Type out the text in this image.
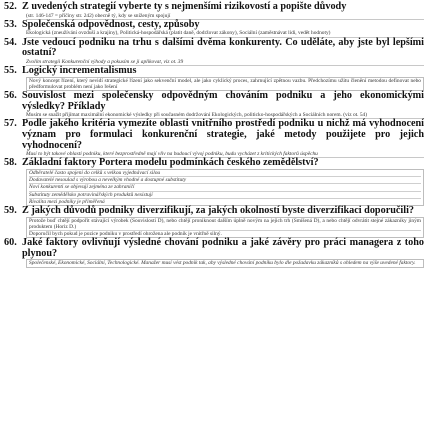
52. Z uvedených strategií vyberte ty s nejmenšími rizikovostí a popište důvody
(str. 146-147 = příčiny str. 242) obecně tý, kdy se sníženým spojují
53. Společenská odpovědnost, cesty, způsoby
Ekologická (zneužívání ovzduší a krajiny), Politická-hospodářská (platit daně, dodržovat zákony), Sociální (zaměstnávat lidi, vedět hodnoty)
54. Jste vedoucí podniku na trhu s dalšími dvěma konkurenty. Co uděláte, aby jste byl lepšími ostatní?
Zvolím strategii Konkurenční výhody a pokusím se ji aplikovat, viz ot. 39
55. Logický incrementalismus
Nový koncept řízení, který nevidí strategické řízení jako sekvenční model, ale jako cyklický proces, zahrnující zpětnou vazbu. Předchozímu užitu členění metodou definovat nebo předformulovat problém není jako řešení
56. Souvislost mezi společensky odpovědným chováním podniku a jeho ekonomickými výsledky? Příklady
Musím se snažit přijímat maximální ekonomické výsledky při současném dodržování Ekologických, politicko-hospodářských a Sociálních norem. (viz ot. 54)
57. Podle jakého kritéria vymezíte oblasti vnitřního prostředí podniku u nichž má vyhodnocení význam pro formulaci konkurenční strategie, jaké metody použijete pro jejich vyhodnocení?
Musí to být takové oblasti podniku, které bezprostředně mají vliv na budoucí vývoj podniku, budu vycházet z kritických faktorů úspěchu
58. Základní faktory Portera modelu podmínkách českého zemědělství?
Odběratelé často spojeni do celků s velkou vyjednávací silou
Dodavatelé nesoulad s výrobou a nevelkým vhodné a dostupné substituty
Noví konkurenti se objevují zejména ze zahraničí
Substituty zemědělsko potravinářských produktů nexistují
Rivalita mezi podniky je přiměřená
59. Z jakých důvodů podniky diverzifikují, za jakých okolností byste diverzifikaci doporučili?
Protože buď chtějí podpořit stávající výrobek (Souvislosti D), nebo chtějí proniknout dalším úplně novým na jejich trh (Smíšená D), a nebo chtějí odvrátit stejné zákazníky jiným produktem (Horiz D.)
Doporučil bych pokud je pozice podniku v prostředí ohrožena ale podnik je vnitřně silný.
60. Jaké faktory ovlivňují výsledné chování podniku a jaké závěry pro práci managera z toho plynou?
Společenské, Ekonomické, Sociální, Technologické. Manažer musí vést podnik tak, aby výsledné chování podniku bylo dle požadavku zákazníků s ohledem na výše uvedené faktory.
